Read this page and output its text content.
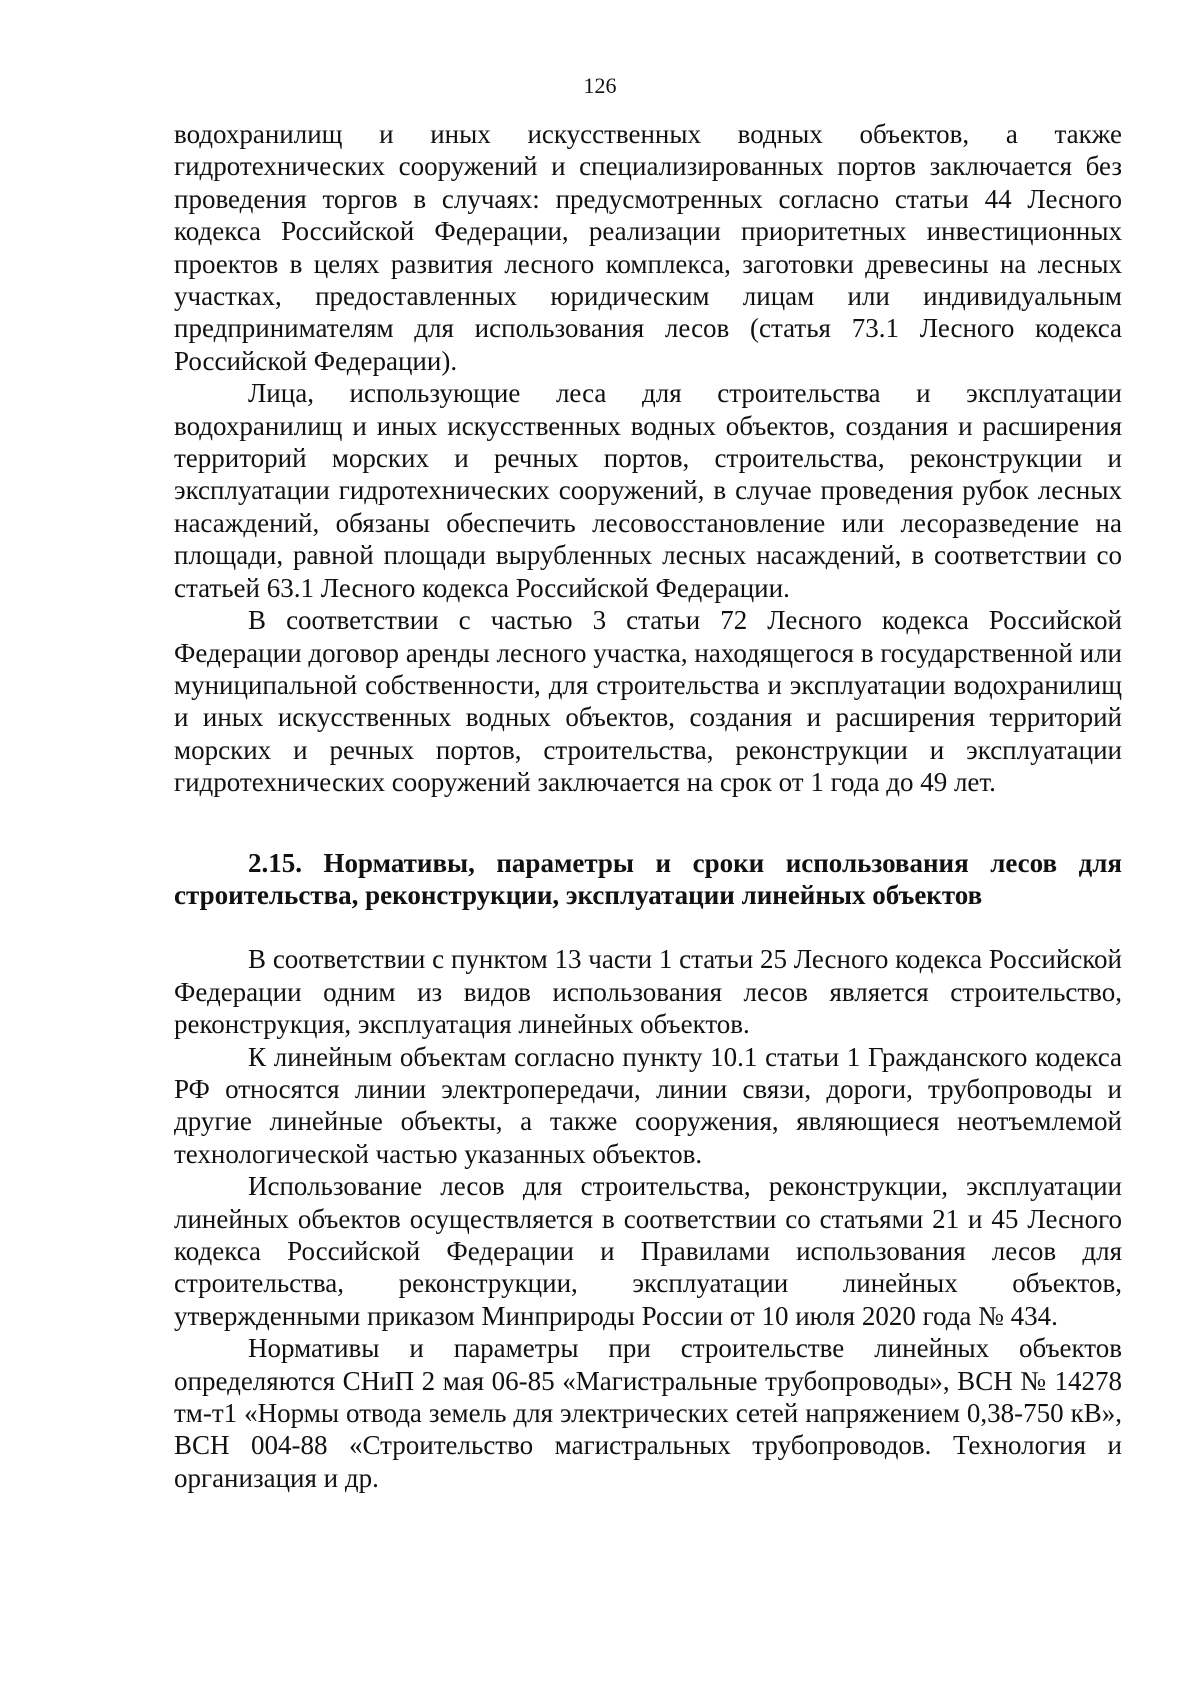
126

водохранилищ и иных искусственных водных объектов, а также гидротехнических сооружений и специализированных портов заключается без проведения торгов в случаях: предусмотренных согласно статьи 44 Лесного кодекса Российской Федерации, реализации приоритетных инвестиционных проектов в целях развития лесного комплекса, заготовки древесины на лесных участках, предоставленных юридическим лицам или индивидуальным предпринимателям для использования лесов (статья 73.1 Лесного кодекса Российской Федерации).

Лица, использующие леса для строительства и эксплуатации водохранилищ и иных искусственных водных объектов, создания и расширения территорий морских и речных портов, строительства, реконструкции и эксплуатации гидротехнических сооружений, в случае проведения рубок лесных насаждений, обязаны обеспечить лесовосстановление или лесоразведение на площади, равной площади вырубленных лесных насаждений, в соответствии со статьей 63.1 Лесного кодекса Российской Федерации.

В соответствии с частью 3 статьи 72 Лесного кодекса Российской Федерации договор аренды лесного участка, находящегося в государственной или муниципальной собственности, для строительства и эксплуатации водохранилищ и иных искусственных водных объектов, создания и расширения территорий морских и речных портов, строительства, реконструкции и эксплуатации гидротехнических сооружений заключается на срок от 1 года до 49 лет.

2.15. Нормативы, параметры и сроки использования лесов для строительства, реконструкции, эксплуатации линейных объектов

В соответствии с пунктом 13 части 1 статьи 25 Лесного кодекса Российской Федерации одним из видов использования лесов является строительство, реконструкция, эксплуатация линейных объектов.

К линейным объектам согласно пункту 10.1 статьи 1 Гражданского кодекса РФ относятся линии электропередачи, линии связи, дороги, трубопроводы и другие линейные объекты, а также сооружения, являющиеся неотъемлемой технологической частью указанных объектов.

Использование лесов для строительства, реконструкции, эксплуатации линейных объектов осуществляется в соответствии со статьями 21 и 45 Лесного кодекса Российской Федерации и Правилами использования лесов для строительства, реконструкции, эксплуатации линейных объектов, утвержденными приказом Минприроды России от 10 июля 2020 года № 434.

Нормативы и параметры при строительстве линейных объектов определяются СНиП 2 мая 06-85 «Магистральные трубопроводы», ВСН № 14278 тм-т1 «Нормы отвода земель для электрических сетей напряжением 0,38-750 кВ», ВСН 004-88 «Строительство магистральных трубопроводов. Технология и организация и др.
